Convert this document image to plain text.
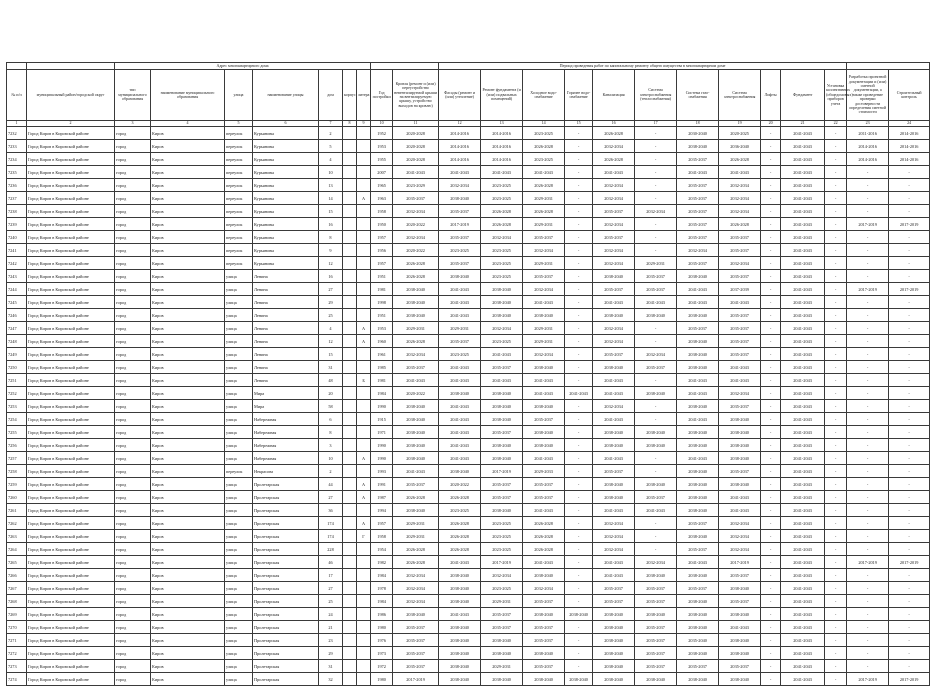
		Адрес многоквартирного дома									Период проведения работ по капитальному ремонту общего имущества в многоквартирном доме												
№ п/п	муниципальный район/городской округ	тип муниципального образования	наименование муниципального образования	улица	наименование улицы	дом	корпус	литера	Год постройки	Кровля (ремонт и (или) переустройство невентилируемой крыши на вентилируемую крышу, устройство выходов на кровлю)	Фасады (ремонт и (или) утепление)	Ремонт фундамента (и (или) подвальных помещений)	Холодное водо-снабжение	Горячее водо-снабжение	Канализация	Система электроснабжения (теплоснабжения)	Система газо-снабжения	Система электроснабжения	Лифты	Фундамент	Установка коллективных (общедомовых) приборов учета	Разработка проектной документации и (или) сметной документации, а также проведение проверки достоверности определения сметной стоимости	Строительный контроль
1	2	3	4	5	6	7	8	9	10	11	12	13	14	15	16	17	18	19	20	21	22	23	24
7232	Город Киров в Кировской районе	город	Киров	переулок	Курьяновы	2			1952	2020-2028	2014-2016	2014-2016	2023-2025	-	2026-2028	-	2030-2040	2020-2025	-	2041-2043	-	2011-2016	2014-2016
7233	Город Киров в Кировской районе	город	Киров	переулок	Курьяновы	5			1953	2020-2028	2014-2016	2014-2016	2026-2028	-	2032-2034	-	2038-2040	2036-2040	-	2041-2043	-	2014-2016	2014-2016
7234	Город Киров в Кировской районе	город	Киров	переулок	Курьяновы	4			1955	2020-2028	2014-2016	2014-2016	2023-2025	-	2026-2028	-	2035-2037	2026-2028	-	2041-2043	-	2014-2016	2014-2016
7235	Город Киров в Кировской районе	город	Киров	переулок	Курьяновы	10			2007	2041-2043	2041-2043	2041-2043	2041-2043	-	2041-2043	-	2041-2043	2041-2043	-	2041-2043	-	-	-
7236	Город Киров в Кировской районе	город	Киров	переулок	Курьяновы	13			1965	2023-2029	2032-2034	2023-2025	2026-2028	-	2032-2034	-	2035-2037	2032-2034	-	2041-2043	-	-	-
7237	Город Киров в Кировской районе	город	Киров	переулок	Курьяновы	14		А	1963	2035-2037	2038-2040	2023-2025	2029-2031	-	2032-2034	-	2035-2037	2032-2034	-	2041-2043	-	-	-
7238	Город Киров в Кировской районе	город	Киров	переулок	Курьяновы	15			1958	2032-2034	2035-2037	2026-2028	2026-2028	-	2035-2037	2032-2034	2035-2037	2032-2034	-	2041-2043	-	-	-
7239	Город Киров в Кировской районе	город	Киров	переулок	Курьяновы	16			1950	2020-2022	2017-2019	2026-2028	2029-2031	-	2032-2034	-	2035-2037	2026-2028	-	2041-2043	-	2017-2019	2017-2019
7240	Город Киров в Кировской районе	город	Киров	переулок	Курьяновы	8			1957	2032-2034	2035-2037	2032-2034	2035-2037	-	2035-2037	-	2035-2037	2035-2037	-	2041-2043	-	-	-
7241	Город Киров в Кировской районе	город	Киров	переулок	Курьяновы	9			1956	2020-2022	2023-2025	2023-2025	2032-2034	-	2032-2034	-	2032-2034	2035-2037	-	2041-2043	-	-	-
7242	Город Киров в Кировской районе	город	Киров	переулок	Курьяновы	12			1957	2026-2028	2035-2037	2023-2025	2029-2031	-	2032-2034	2029-2031	2035-2037	2032-2034	-	2041-2043	-	-	-
7243	Город Киров в Кировской районе	город	Киров	улица	Ленина	16			1951	2026-2028	2038-2040	2023-2025	2035-2037	-	2038-2040	2035-2037	2038-2040	2035-2037	-	2041-2043	-	-	-
7244	Город Киров в Кировской районе	город	Киров	улица	Ленина	27			1981	2038-2040	2041-2043	2038-2040	2032-2034	-	2035-2037	2035-2037	2041-2043	2037-2039	-	2041-2043	-	2017-2019	2017-2019
7245	Город Киров в Кировской районе	город	Киров	улица	Ленина	29			1998	2038-2040	2041-2043	2038-2040	2041-2043	-	2041-2043	2041-2043	2041-2043	2041-2043	-	2041-2043	-	-	-
7246	Город Киров в Кировской районе	город	Киров	улица	Ленина	25			1951	2038-2040	2041-2043	2038-2040	2038-2040	-	2038-2040	2038-2040	2038-2040	2035-2037	-	2041-2043	-	-	-
7247	Город Киров в Кировской районе	город	Киров	улица	Ленина	4		А	1953	2029-2031	2029-2031	2032-2034	2029-2031	-	2032-2034	-	2035-2037	2035-2037	-	2041-2043	-	-	-
7248	Город Киров в Кировской районе	город	Киров	улица	Ленина	12		А	1960	2026-2028	2035-2037	2023-2025	2029-2031	-	2032-2034	-	2038-2040	2035-2037	-	2041-2043	-	-	-
7249	Город Киров в Кировской районе	город	Киров	улица	Ленина	15			1961	2032-2034	2023-2025	2041-2043	2032-2034	-	2035-2037	2032-2034	2038-2040	2035-2037	-	2041-2043	-	-	-
7250	Город Киров в Кировской районе	город	Киров	улица	Ленина	31			1985	2035-2037	2041-2043	2035-2037	2038-2040	-	2038-2040	2035-2037	2038-2040	2041-2043	-	2041-2043	-	-	-
7251	Город Киров в Кировской районе	город	Киров	улица	Ленина	48		Б	1981	2041-2043	2041-2043	2041-2043	2041-2043	-	2041-2043	-	2041-2043	2041-2043	-	2041-2043	-	-	-
7252	Город Киров в Кировской районе	город	Киров	улица	Мира	20			1984	2020-2022	2038-2040	2038-2040	2041-2043	2041-2043	2041-2043	2038-2040	2041-2043	2032-2034	-	2041-2043	-	-	-
7253	Город Киров в Кировской районе	город	Киров	улица	Мира	58			1990	2038-2040	2041-2043	2038-2040	2038-2040	-	2032-2034	-	2038-2040	2035-2037	-	2041-2043	-	-	-
7254	Город Киров в Кировской районе	город	Киров	улица	Набережная	6			1915	2038-2040	2041-2043	2038-2040	2035-2037	-	2041-2043	-	2041-2043	2038-2040	-	2041-2043	-	-	-
7255	Город Киров в Кировской районе	город	Киров	улица	Набережная	8			1971	2038-2040	2041-2043	2035-2037	2038-2040	-	2038-2040	2038-2040	2038-2040	2038-2040	-	2041-2043	-	-	-
7256	Город Киров в Кировской районе	город	Киров	улица	Набережная	3			1990	2038-2040	2041-2043	2038-2040	2038-2040	-	2038-2040	2038-2040	2038-2040	2038-2040	-	2041-2043	-	-	-
7257	Город Киров в Кировской районе	город	Киров	улица	Набережная	10		А	1990	2038-2040	2041-2043	2038-2040	2041-2043	-	2041-2043	-	2041-2043	2038-2040	-	2041-2043	-	-	-
7258	Город Киров в Кировской районе	город	Киров	переулок	Некрасова	2			1993	2041-2043	2038-2040	2017-2019	2029-2033	-	2035-2037	-	2038-2040	2035-2037	-	2041-2043	-	-	-
7259	Город Киров в Кировской районе	город	Киров	улица	Пролетарская	44		А	1991	2035-2037	2020-2022	2035-2037	2035-2037	-	2038-2040	2038-2040	2038-2040	2038-2040	-	2041-2043	-	-	-
7260	Город Киров в Кировской районе	город	Киров	улица	Пролетарская	27		А	1987	2026-2028	2026-2028	2035-2037	2035-2037	-	2038-2040	2035-2037	2038-2040	2041-2043	-	2041-2043	-	-	-
7261	Город Киров в Кировской районе	город	Киров	улица	Пролетарская	36			1994	2038-2040	2023-2025	2038-2040	2041-2043	-	2041-2043	2041-2043	2038-2040	2041-2043	-	2041-2043	-	-	-
7262	Город Киров в Кировской районе	город	Киров	улица	Пролетарская	174		А	1957	2029-2031	2026-2028	2023-2025	2026-2028	-	2032-2034	-	2035-2037	2032-2034	-	2041-2043	-	-	-
7263	Город Киров в Кировской районе	город	Киров	улица	Пролетарская	174		Г	1958	2029-2031	2026-2028	2023-2025	2026-2028	-	2032-2034	-	2038-2040	2032-2034	-	2041-2043	-	-	-
7264	Город Киров в Кировской районе	город	Киров	улица	Пролетарская	228			1954	2026-2028	2026-2028	2023-2025	2026-2028	-	2032-2034	-	2035-2037	2032-2034	-	2041-2043	-	-	-
7265	Город Киров в Кировской районе	город	Киров	улица	Пролетарская	46			1982	2026-2028	2041-2043	2017-2019	2041-2043	-	2041-2043	2032-2034	2041-2043	2017-2019	-	2041-2043	-	2017-2019	2017-2019
7266	Город Киров в Кировской районе	город	Киров	улица	Пролетарская	17			1984	2032-2034	2038-2040	2032-2034	2038-2040	-	2041-2043	2038-2040	2038-2040	2035-2037	-	2041-2043	-	-	-
7267	Город Киров в Кировской районе	город	Киров	улица	Пролетарская	27			1978	2032-2034	2038-2040	2023-2025	2032-2034	-	2035-2037	2035-2037	2035-2037	2038-2040	-	2041-2043	-	-	-
7268	Город Киров в Кировской районе	город	Киров	улица	Пролетарская	25			1984	2032-2034	2038-2040	2029-2031	2035-2037	-	2035-2037	2035-2037	2038-2040	2035-2037	-	2041-2043	-	-	-
7269	Город Киров в Кировской районе	город	Киров	улица	Пролетарская	24			1986	2038-2040	2041-2043	2035-2037	2038-2040	2038-2040	2038-2040	2038-2040	2038-2040	2038-2040	-	2041-2043	-	-	-
7270	Город Киров в Кировской районе	город	Киров	улица	Пролетарская	21			1980	2035-2037	2038-2040	2035-2037	2035-2037	-	2038-2040	2035-2037	2038-2040	2041-2043	-	2041-2043	-	-	-
7271	Город Киров в Кировской районе	город	Киров	улица	Пролетарская	23			1976	2035-2037	2038-2040	2038-2040	2035-2037	-	2038-2040	2035-2037	2035-2040	2038-2040	-	2041-2043	-	-	-
7272	Город Киров в Кировской районе	город	Киров	улица	Пролетарская	29			1973	2035-2037	2038-2040	2038-2040	2038-2040	-	2038-2040	2035-2037	2038-2040	2038-2040	-	2041-2043	-	-	-
7273	Город Киров в Кировской районе	город	Киров	улица	Пролетарская	31			1972	2035-2037	2038-2040	2029-2031	2035-2037	-	2038-2040	2035-2037	2035-2037	2035-2037	-	2041-2043	-	-	-
7274	Город Киров в Кировской районе	город	Киров	улица	Пролетарская	32			1980	2017-2019	2038-2040	2038-2040	2038-2040	2038-2040	2038-2040	2038-2040	2038-2040	2038-2040	-	2041-2043	-	2017-2019	2017-2019
